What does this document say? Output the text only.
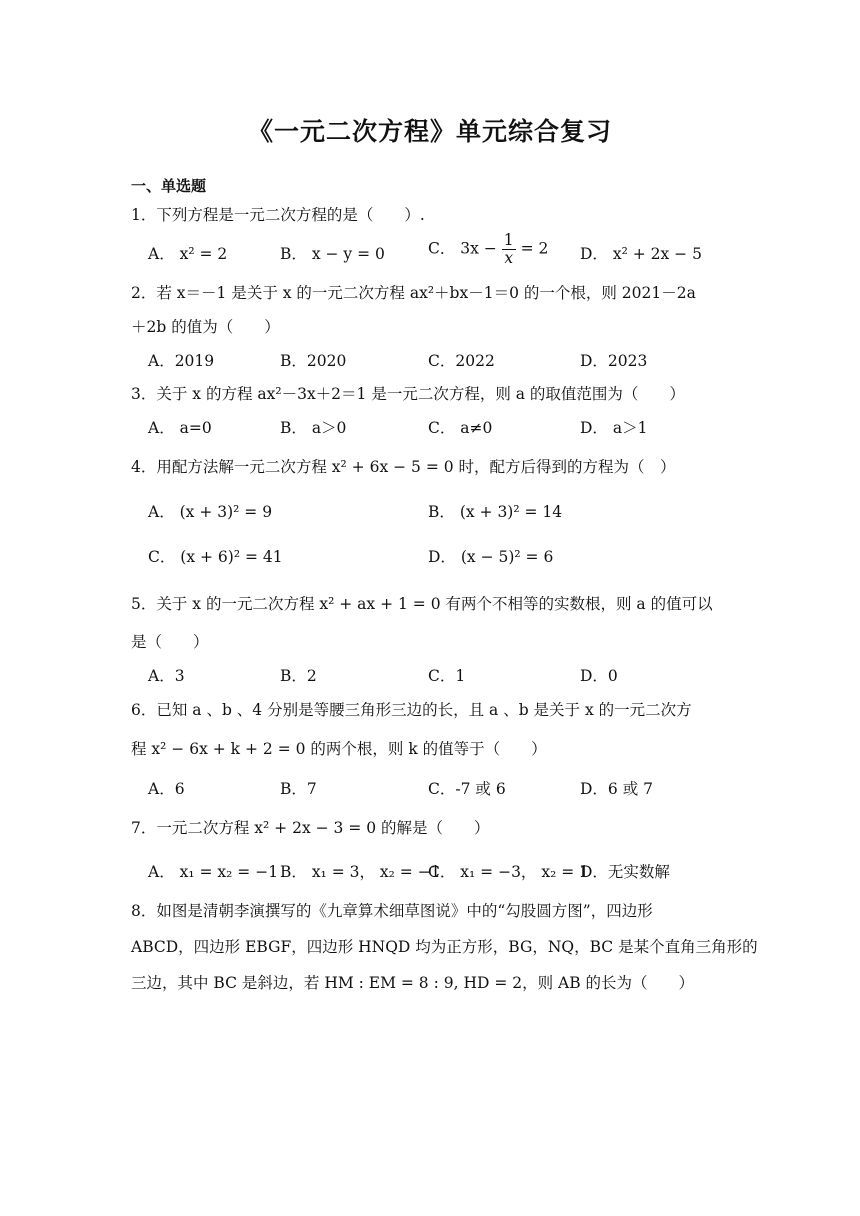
《一元二次方程》单元综合复习
一、单选题
1．下列方程是一元二次方程的是（　　）.
A． x² = 2	B． x − y = 0	C． $3x - \frac{1}{x} = 2$ D． x² + 2x − 5
2．若 x＝－1 是关于 x 的一元二次方程 ax²＋bx－1＝0 的一个根，则 2021－2a
＋2b 的值为（　　）
A．2019	B．2020	C．2022	D．2023
3．关于 x 的方程 ax²－3x＋2＝1 是一元二次方程，则 a 的取值范围为（　　）
A． a=0	B． a＞0	C． a≠0	D． a＞1
4．用配方法解一元二次方程 x² + 6x − 5 = 0 时，配方后得到的方程为（　）
A． (x + 3)² = 9	B． (x + 3)² = 14
C． (x + 6)² = 41	D． (x − 5)² = 6
5．关于 x 的一元二次方程 x² + ax + 1 = 0 有两个不相等的实数根，则 a 的值可以
是（　　）
A．3	B．2	C．1	D．0
6．已知 a 、b 、4 分别是等腰三角形三边的长，且 a 、b 是关于 x 的一元二次方
程 x² − 6x + k + 2 = 0 的两个根，则 k 的值等于（　　）
A．6	B．7	C．-7 或 6	D．6 或 7
7．一元二次方程 x² + 2x − 3 = 0 的解是（　　）
A． x₁ = x₂ = −1 B． x₁ = 3， x₂ = −1
C． x₁ = −3， x₂ = 1
D．无实数解
8．如图是清朝李演撰写的《九章算术细草图说》中的“勾股圆方图”，四边形
ABCD，四边形 EBGF，四边形 HNQD 均为正方形，BG，NQ，BC 是某个直角三角形的
三边，其中 BC 是斜边，若 HM : EM = 8 : 9, HD = 2，则 AB 的长为（　　）
